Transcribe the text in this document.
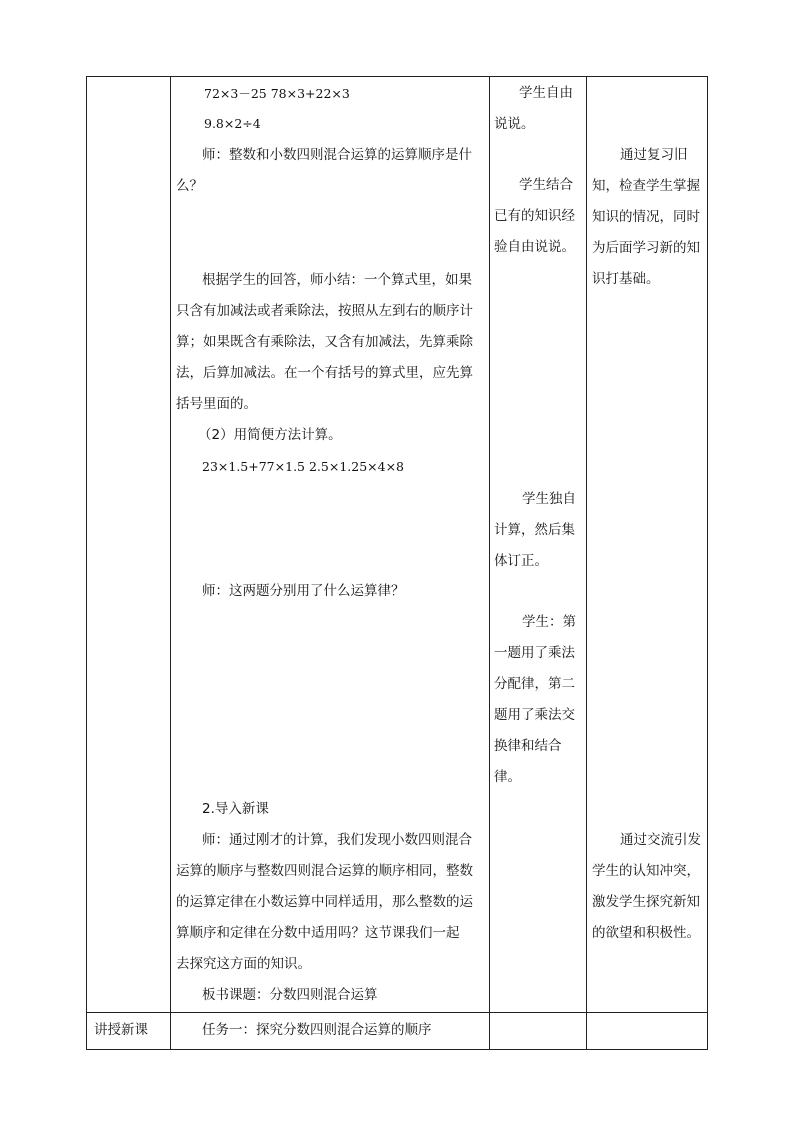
72×3－25 78×3+22×3
9.8×2÷4
师：整数和小数四则混合运算的运算顺序是什
么？
根据学生的回答，师小结：一个算式里，如果
只含有加减法或者乘除法，按照从左到右的顺序计
算；如果既含有乘除法，又含有加减法，先算乘除
法，后算加减法。在一个有括号的算式里，应先算
括号里面的。
（2）用简便方法计算。
23×1.5+77×1.5 2.5×1.25×4×8
师：这两题分别用了什么运算律？
2.导入新课
师：通过刚才的计算，我们发现小数四则混合
运算的顺序与整数四则混合运算的顺序相同，整数
的运算定律在小数运算中同样适用，那么整数的运
算顺序和定律在分数中适用吗？这节课我们一起
去探究这方面的知识。
板书课题：分数四则混合运算
讲授新课	任务一：探究分数四则混合运算的顺序
学生自由说说。
学生结合已有的知识经验自由说说。
学生独自计算，然后集体订正。
学生：第一题用了乘法分配律，第二题用了乘法交换律和结合律。
通过复习旧知，检查学生掌握知识的情况，同时为后面学习新的知识打基础。
通过交流引发学生的认知冲突，激发学生探究新知的欲望和积极性。
